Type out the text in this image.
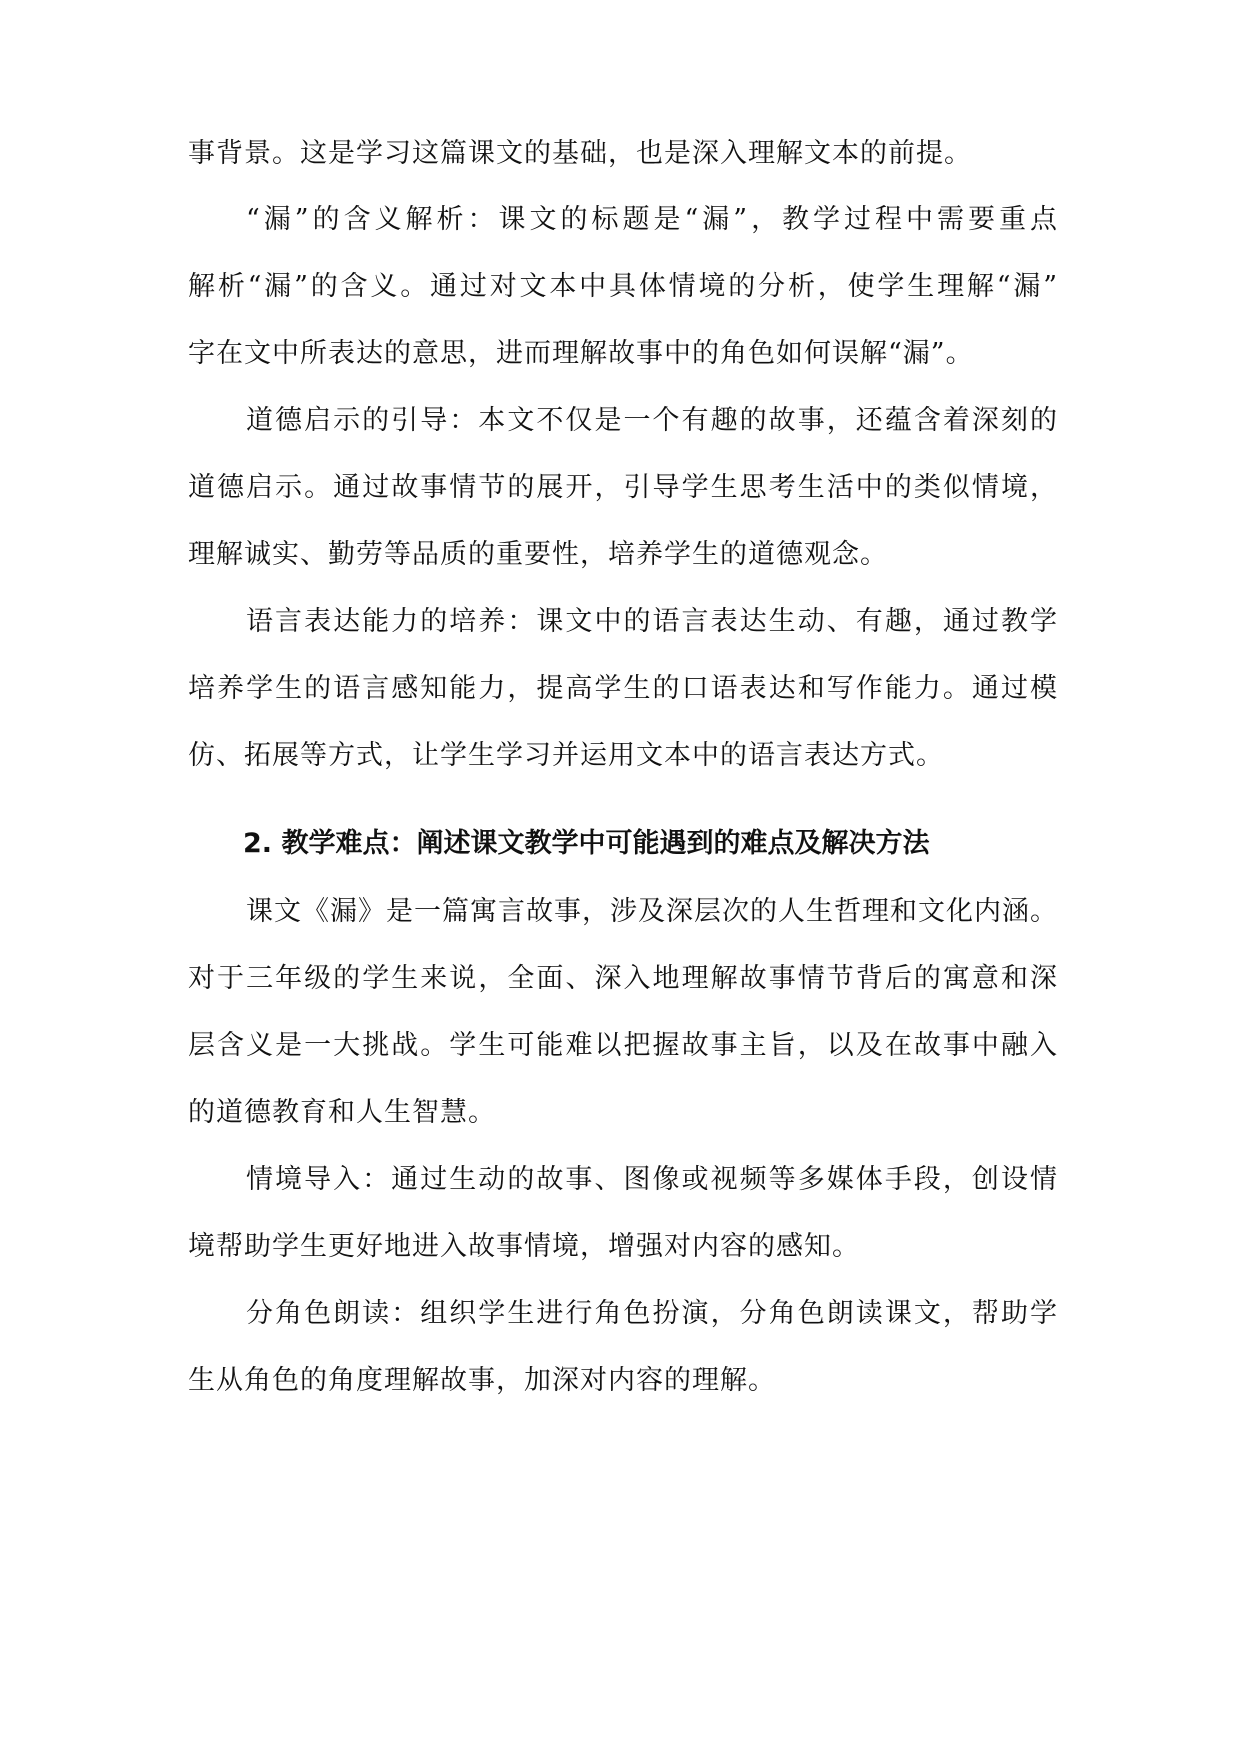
事背景。这是学习这篇课文的基础，也是深入理解文本的前提。
“漏”的含义解析：课文的标题是“漏”，教学过程中需要重点
解析“漏”的含义。通过对文本中具体情境的分析，使学生理解“漏”
字在文中所表达的意思，进而理解故事中的角色如何误解“漏”。
道德启示的引导：本文不仅是一个有趣的故事，还蕴含着深刻的
道德启示。通过故事情节的展开，引导学生思考生活中的类似情境，
理解诚实、勤劳等品质的重要性，培养学生的道德观念。
语言表达能力的培养：课文中的语言表达生动、有趣，通过教学
培养学生的语言感知能力，提高学生的口语表达和写作能力。通过模
仿、拓展等方式，让学生学习并运用文本中的语言表达方式。
2. 教学难点：阐述课文教学中可能遇到的难点及解决方法
课文《漏》是一篇寓言故事，涉及深层次的人生哲理和文化内涵。
对于三年级的学生来说，全面、深入地理解故事情节背后的寓意和深
层含义是一大挑战。学生可能难以把握故事主旨，以及在故事中融入
的道德教育和人生智慧。
情境导入：通过生动的故事、图像或视频等多媒体手段，创设情
境帮助学生更好地进入故事情境，增强对内容的感知。
分角色朗读：组织学生进行角色扮演，分角色朗读课文，帮助学
生从角色的角度理解故事，加深对内容的理解。
